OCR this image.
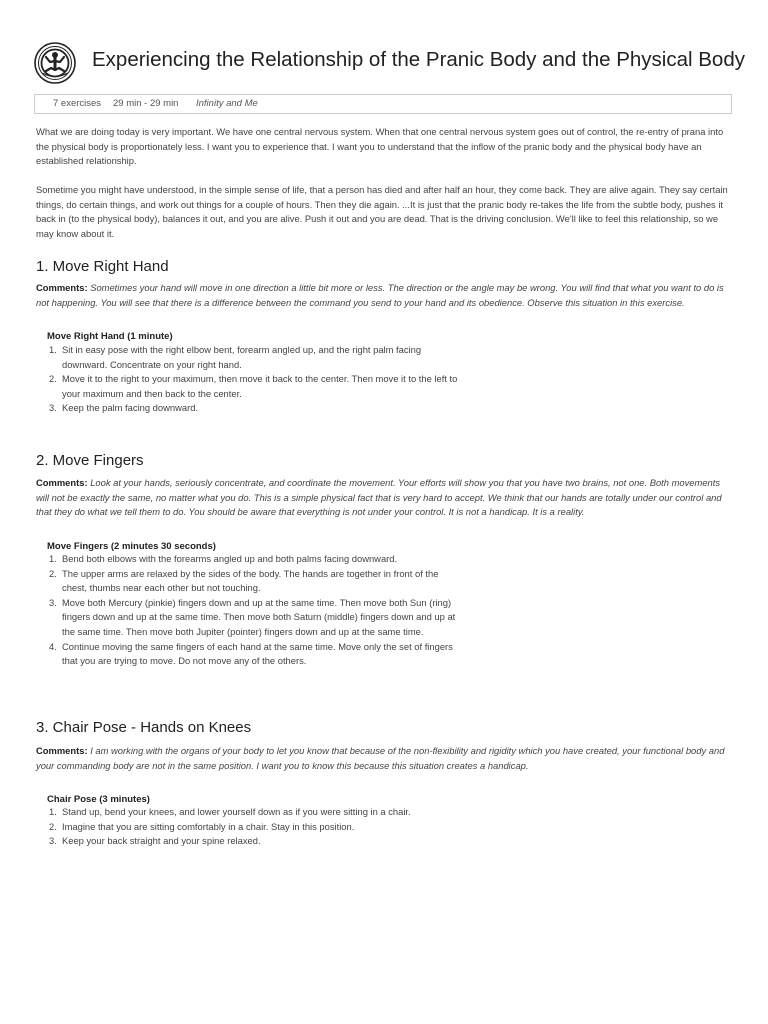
Experiencing the Relationship of the Pranic Body and the Physical Body
7 exercises 29 min - 29 min Infinity and Me

What we are doing today is very important. We have one central nervous system. When that one central nervous system goes out of control, the re-entry of prana into the physical body is proportionately less. I want you to experience that. I want you to understand that the inflow of the pranic body and the physical body have an established relationship.

Sometime you might have understood, in the simple sense of life, that a person has died and after half an hour, they come back. They are alive again. They say certain things, do certain things, and work out things for a couple of hours. Then they die again. ...It is just that the pranic body re-takes the life from the subtle body, pushes it back in (to the physical body), balances it out, and you are alive. Push it out and you are dead. That is the driving conclusion. We'll like to feel this relationship, so we may know about it.

1. Move Right Hand

Comments: Sometimes your hand will move in one direction a little bit more or less. The direction or the angle may be wrong. You will find that what you want to do is not happening. You will see that there is a difference between the command you send to your hand and its obedience. Observe this situation in this exercise.

Move Right Hand (1 minute)
1. Sit in easy pose with the right elbow bent, forearm angled up, and the right palm facing downward. Concentrate on your right hand.
2. Move it to the right to your maximum, then move it back to the center. Then move it to the left to your maximum and then back to the center.
3. Keep the palm facing downward.
2. Move Fingers

Comments: Look at your hands, seriously concentrate, and coordinate the movement. Your efforts will show you that you have two brains, not one. Both movements will not be exactly the same, no matter what you do. This is a simple physical fact that is very hard to accept. We think that our hands are totally under our control and that they do what we tell them to do. You should be aware that everything is not under your control. It is not a handicap. It is a reality.

Move Fingers (2 minutes 30 seconds)
1. Bend both elbows with the forearms angled up and both palms facing downward.
2. The upper arms are relaxed by the sides of the body. The hands are together in front of the chest, thumbs near each other but not touching.
3. Move both Mercury (pinkie) fingers down and up at the same time. Then move both Sun (ring) fingers down and up at the same time. Then move both Saturn (middle) fingers down and up at the same time. Then move both Jupiter (pointer) fingers down and up at the same time.
4. Continue moving the same fingers of each hand at the same time. Move only the set of fingers that you are trying to move. Do not move any of the others.
3. Chair Pose - Hands on Knees

Comments: I am working with the organs of your body to let you know that because of the non-flexibility and rigidity which you have created, your functional body and your commanding body are not in the same position. I want you to know this because this situation creates a handicap.

Chair Pose (3 minutes)
1. Stand up, bend your knees, and lower yourself down as if you were sitting in a chair.
2. Imagine that you are sitting comfortably in a chair. Stay in this position.
3. Keep your back straight and your spine relaxed.
